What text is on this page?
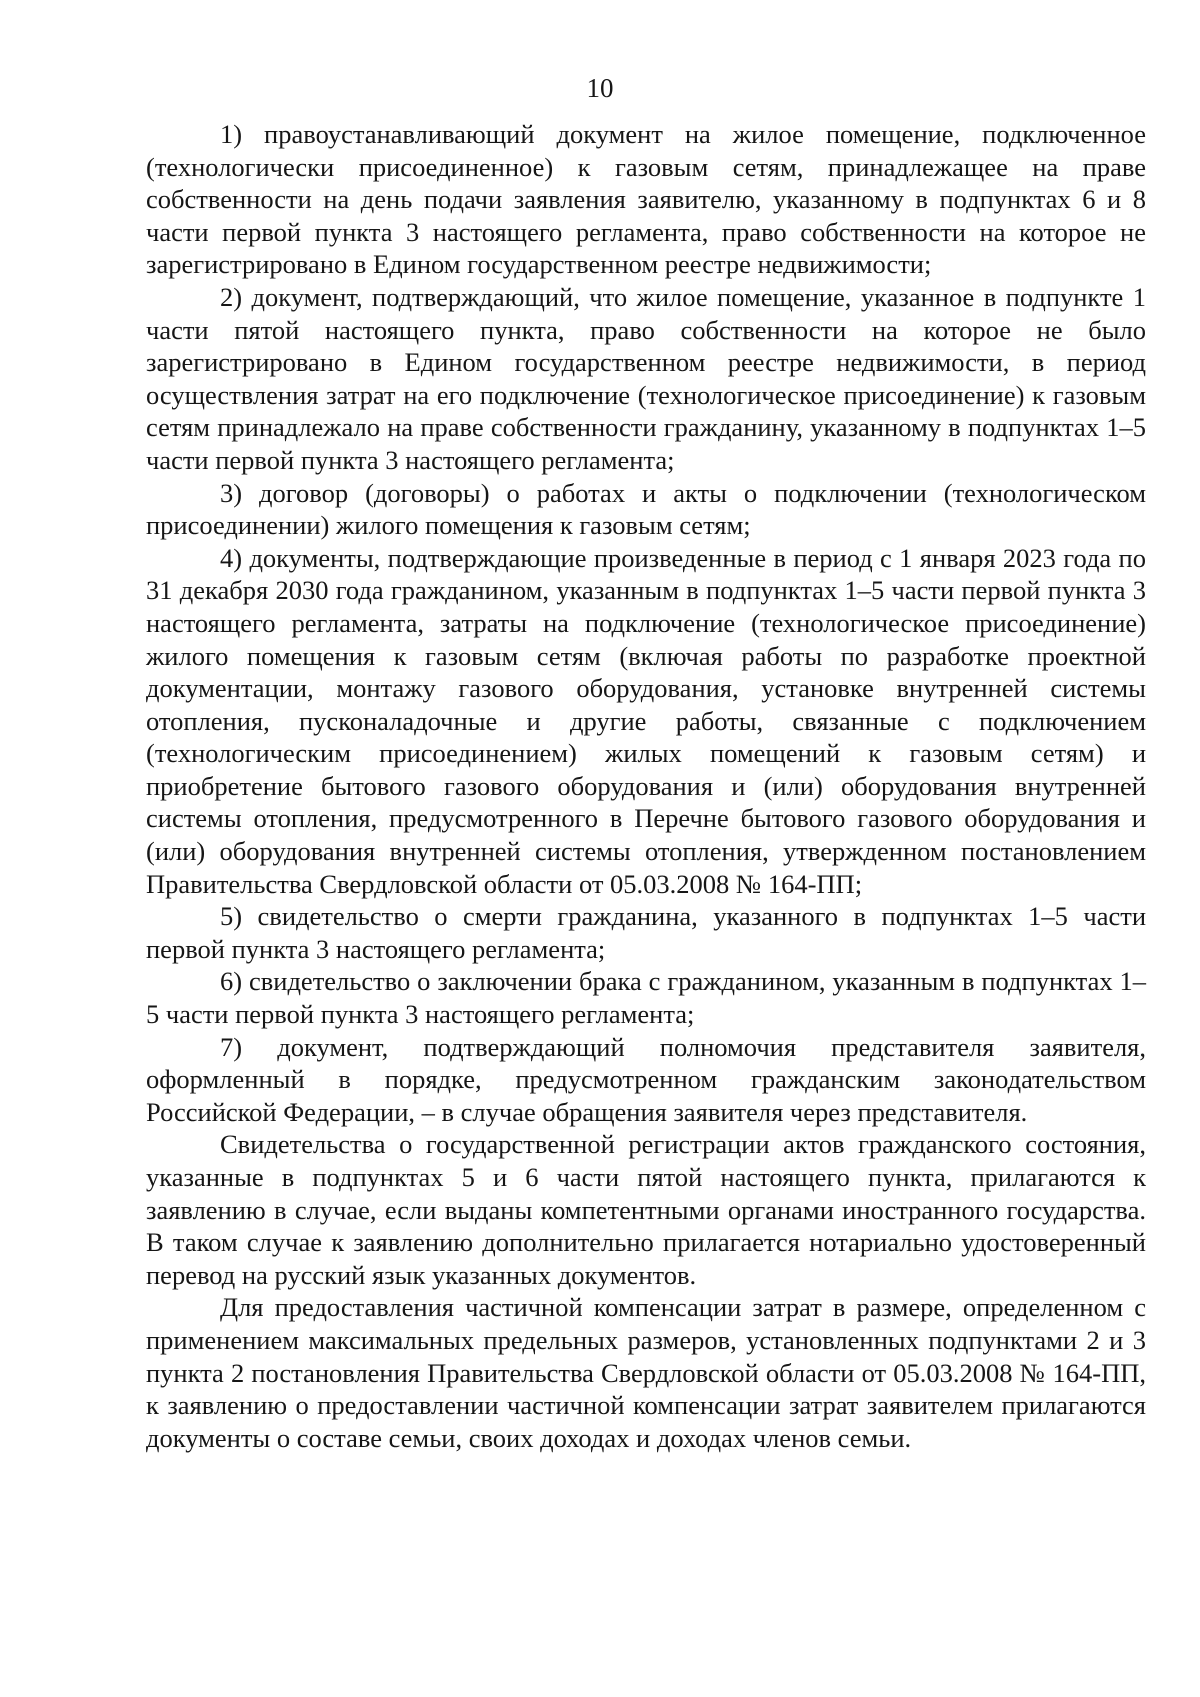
10

1) правоустанавливающий документ на жилое помещение, подключенное (технологически присоединенное) к газовым сетям, принадлежащее на праве собственности на день подачи заявления заявителю, указанному в подпунктах 6 и 8 части первой пункта 3 настоящего регламента, право собственности на которое не зарегистрировано в Едином государственном реестре недвижимости;

2) документ, подтверждающий, что жилое помещение, указанное в подпункте 1 части пятой настоящего пункта, право собственности на которое не было зарегистрировано в Едином государственном реестре недвижимости, в период осуществления затрат на его подключение (технологическое присоединение) к газовым сетям принадлежало на праве собственности гражданину, указанному в подпунктах 1–5 части первой пункта 3 настоящего регламента;

3) договор (договоры) о работах и акты о подключении (технологическом присоединении) жилого помещения к газовым сетям;

4) документы, подтверждающие произведенные в период с 1 января 2023 года по 31 декабря 2030 года гражданином, указанным в подпунктах 1–5 части первой пункта 3 настоящего регламента, затраты на подключение (технологическое присоединение) жилого помещения к газовым сетям (включая работы по разработке проектной документации, монтажу газового оборудования, установке внутренней системы отопления, пусконаладочные и другие работы, связанные с подключением (технологическим присоединением) жилых помещений к газовым сетям) и приобретение бытового газового оборудования и (или) оборудования внутренней системы отопления, предусмотренного в Перечне бытового газового оборудования и (или) оборудования внутренней системы отопления, утвержденном постановлением Правительства Свердловской области от 05.03.2008 № 164-ПП;

5) свидетельство о смерти гражданина, указанного в подпунктах 1–5 части первой пункта 3 настоящего регламента;

6) свидетельство о заключении брака с гражданином, указанным в подпунктах 1–5 части первой пункта 3 настоящего регламента;

7) документ, подтверждающий полномочия представителя заявителя, оформленный в порядке, предусмотренном гражданским законодательством Российской Федерации, – в случае обращения заявителя через представителя.

Свидетельства о государственной регистрации актов гражданского состояния, указанные в подпунктах 5 и 6 части пятой настоящего пункта, прилагаются к заявлению в случае, если выданы компетентными органами иностранного государства. В таком случае к заявлению дополнительно прилагается нотариально удостоверенный перевод на русский язык указанных документов.

Для предоставления частичной компенсации затрат в размере, определенном с применением максимальных предельных размеров, установленных подпунктами 2 и 3 пункта 2 постановления Правительства Свердловской области от 05.03.2008 № 164-ПП, к заявлению о предоставлении частичной компенсации затрат заявителем прилагаются документы о составе семьи, своих доходах и доходах членов семьи.
